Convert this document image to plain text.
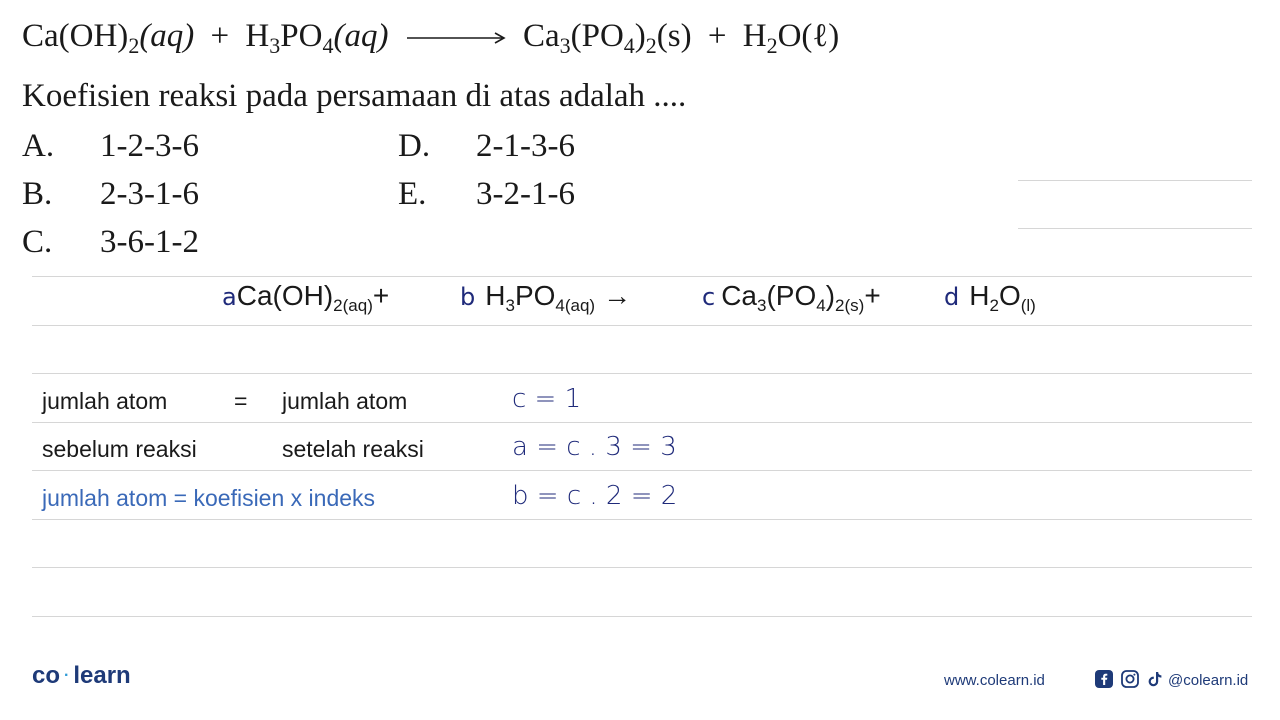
$Ca(OH)_2(aq) + H_3PO_4(aq) \to Ca_3(PO_4)_2(s)$ + $H_2O(\ell)$
Koefisien reaksi pada persamaan di atas adalah ....
A. 1-2-3-6
B. 2-3-1-6
C. 3-6-1-2
D. 2-1-3-6
E. 3-2-1-6
$aCa(OH)_{2(aq)}+$	b $H_3PO_{4(aq)}$ →	c $Ca_3(PO_4)_{2(s)}+$	d $H_2O_{(l)}$
jumlah atom	= jumlah atom
sebelum reaksi	setelah reaksi
jumlah atom = koefisien x indeks
c = 1
a = c . 3 = 3
b = c . 2 = 2
co · learn	www.colearn.id	@colearn.id
